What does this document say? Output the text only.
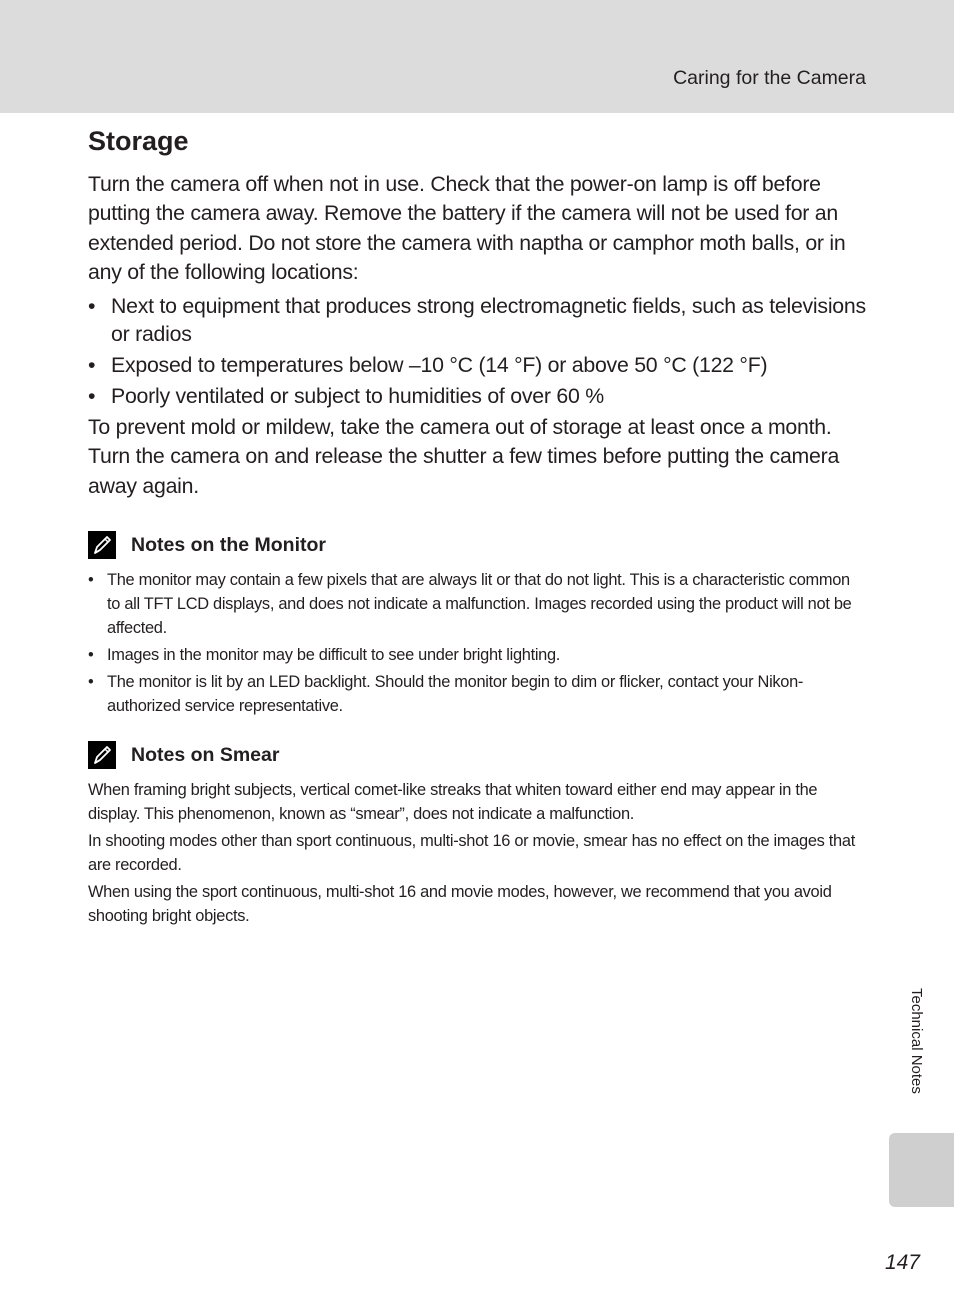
Caring for the Camera
Storage

Turn the camera off when not in use. Check that the power-on lamp is off before putting the camera away. Remove the battery if the camera will not be used for an extended period. Do not store the camera with naptha or camphor moth balls, or in any of the following locations:

• Next to equipment that produces strong electromagnetic fields, such as televisions or radios
• Exposed to temperatures below –10 °C (14 °F) or above 50 °C (122 °F)
• Poorly ventilated or subject to humidities of over 60 %

To prevent mold or mildew, take the camera out of storage at least once a month. Turn the camera on and release the shutter a few times before putting the camera away again.

Notes on the Monitor
• The monitor may contain a few pixels that are always lit or that do not light. This is a characteristic common to all TFT LCD displays, and does not indicate a malfunction. Images recorded using the product will not be affected.
• Images in the monitor may be difficult to see under bright lighting.
• The monitor is lit by an LED backlight. Should the monitor begin to dim or flicker, contact your Nikon-authorized service representative.
Notes on Smear

When framing bright subjects, vertical comet-like streaks that whiten toward either end may appear in the display. This phenomenon, known as “smear”, does not indicate a malfunction.

In shooting modes other than sport continuous, multi-shot 16 or movie, smear has no effect on the images that are recorded.

When using the sport continuous, multi-shot 16 and movie modes, however, we recommend that you avoid shooting bright objects.

Technical Notes
147
